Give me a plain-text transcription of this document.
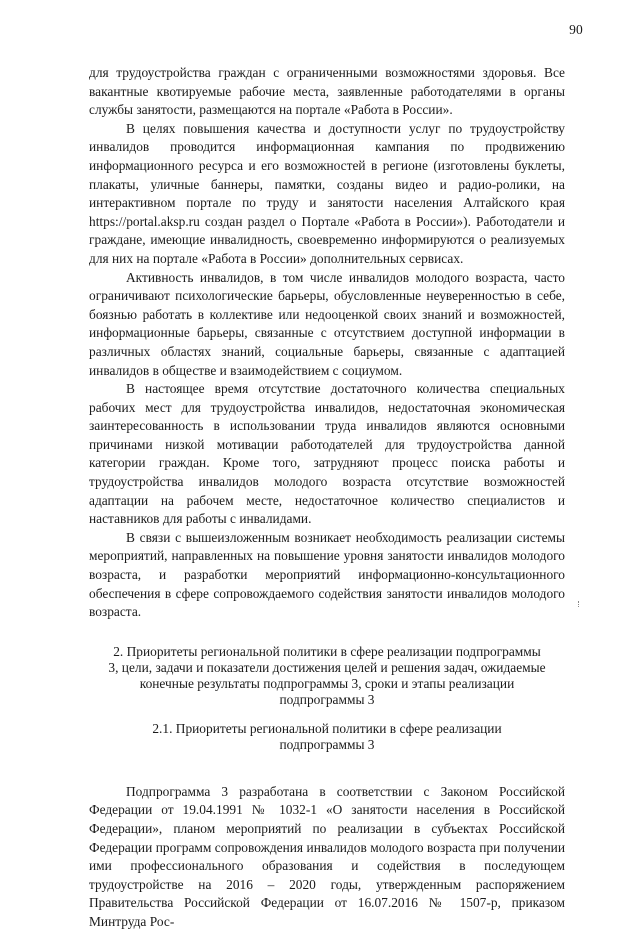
90

для трудоустройства граждан с ограниченными возможностями здоровья. Все вакантные квотируемые рабочие места, заявленные работодателями в органы службы занятости, размещаются на портале «Работа в России».

В целях повышения качества и доступности услуг по трудоустройству инвалидов проводится информационная кампания по продвижению информационного ресурса и его возможностей в регионе (изготовлены буклеты, плакаты, уличные баннеры, памятки, созданы видео и радио-ролики, на интерактивном портале по труду и занятости населения Алтайского края https://portal.aksp.ru создан раздел о Портале «Работа в России»). Работодатели и граждане, имеющие инвалидность, своевременно информируются о реализуемых для них на портале «Работа в России» дополнительных сервисах.

Активность инвалидов, в том числе инвалидов молодого возраста, часто ограничивают психологические барьеры, обусловленные неуверенностью в себе, боязнью работать в коллективе или недооценкой своих знаний и возможностей, информационные барьеры, связанные с отсутствием доступной информации в различных областях знаний, социальные барьеры, связанные с адаптацией инвалидов в обществе и взаимодействием с социумом.

В настоящее время отсутствие достаточного количества специальных рабочих мест для трудоустройства инвалидов, недостаточная экономическая заинтересованность в использовании труда инвалидов являются основными причинами низкой мотивации работодателей для трудоустройства данной категории граждан. Кроме того, затрудняют процесс поиска работы и трудоустройства инвалидов молодого возраста отсутствие возможностей адаптации на рабочем месте, недостаточное количество специалистов и наставников для работы с инвалидами.

В связи с вышеизложенным возникает необходимость реализации системы мероприятий, направленных на повышение уровня занятости инвалидов молодого возраста, и разработки мероприятий информационно-консультационного обеспечения в сфере сопровождаемого содействия занятости инвалидов молодого возраста.

2. Приоритеты региональной политики в сфере реализации подпрограммы 3, цели, задачи и показатели достижения целей и решения задач, ожидаемые конечные результаты подпрограммы 3, сроки и этапы реализации подпрограммы 3
2.1. Приоритеты региональной политики в сфере реализации подпрограммы 3

Подпрограмма 3 разработана в соответствии с Законом Российской Федерации от 19.04.1991 № 1032-1 «О занятости населения в Российской Федерации», планом мероприятий по реализации в субъектах Российской Федерации программ сопровождения инвалидов молодого возраста при получении ими профессионального образования и содействия в последующем трудоустройстве на 2016 – 2020 годы, утвержденным распоряжением Правительства Российской Федерации от 16.07.2016 № 1507-р, приказом Минтруда Рос-
